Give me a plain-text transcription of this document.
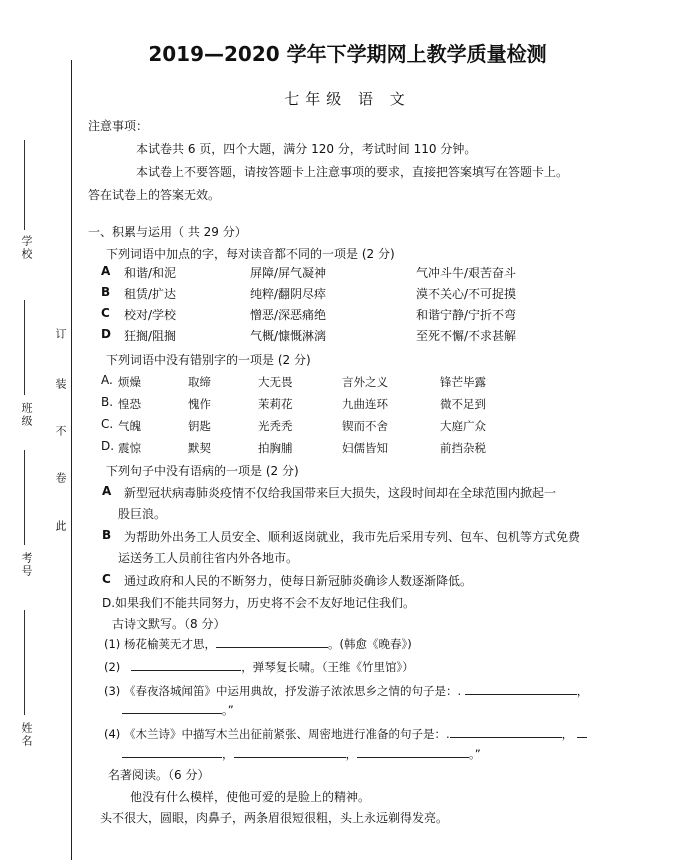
学校
班级
考号
姓名
订
装
不
卷
此
2019—2020 学年下学期网上教学质量检测
七年级 语 文
注意事项：
本试卷共 6 页，四个大题，满分 120 分，考试时间 110 分钟。
本试卷上不要答题，请按答题卡上注意事项的要求，直接把答案填写在答题卡上。
答在试卷上的答案无效。
一、积累与运用（ 共 29 分）
下列词语中加点的字，每对读音都不同的一项是 (2 分)
A 和谐/和泥	屏障/屏气凝神	气冲斗牛/艰苦奋斗
B 租赁/扩达	纯粹/翻阴尽瘁	漠不关心/不可捉摸
C 校对/学校	憎恶/深恶痛绝	和谐宁静/宁折不弯
D 狂搁/阻搁	气概/慷慨淋漓	至死不懈/不求甚解
下列词语中没有错别字的一项是 (2 分)
A. 烦燥	取缔	大无畏	言外之义	锋芒毕露
B. 惶恐	愧作	茉莉花	九曲连环	微不足到
C. 气魄	钥匙	光秃秃	锲而不舍	大庭广众
D. 震惊	默契	拍胸脯	妇儒皆知	前挡杂税
下列句子中没有语病的一项是 (2 分)
A 新型冠状病毒肺炎疫情不仅给我国带来巨大损失，这段时间却在全球范围内掀起一
股巨浪。
B 为帮助外出务工人员安全、顺利返岗就业，我市先后采用专列、包车、包机等方式免费
运送务工人员前往省内外各地市。
C 通过政府和人民的不断努力，使每日新冠肺炎确诊人数逐渐降低。
D.如果我们不能共同努力，历史将不会不友好地记住我们。
古诗文默写。（8 分）
(1) 杨花榆荚无才思，	。(韩愈《晚春》)
(2)	，弹琴复长啸。（王维《竹里馆》）
(3) 《春夜洛城闻笛》中运用典故，抒发游子浓浓思乡之情的句子是：.	，
。”
(4) 《木兰诗》中描写木兰出征前紧张、周密地进行准备的句子是：.	，
，	，	。”
名著阅读。（6 分）
他没有什么模样，使他可爱的是脸上的精神。
头不很大，圆眼，肉鼻子，两条眉很短很粗，头上永远剃得发亮。
